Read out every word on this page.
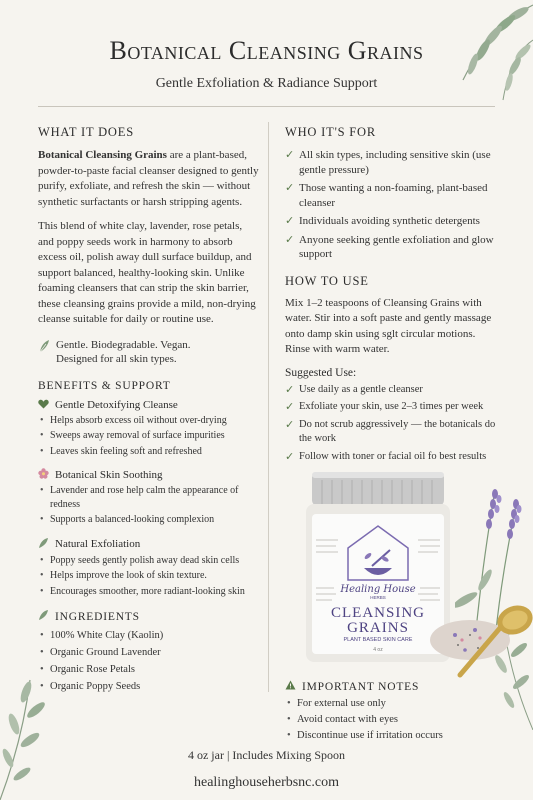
Botanical Cleansing Grains
Gentle Exfoliation & Radiance Support
WHAT IT DOES

Botanical Cleansing Grains are a plant-based, powder-to-paste facial cleanser designed to gently purify, exfoliate, and refresh the skin — without synthetic surfactants or harsh stripping agents.

This blend of white clay, lavender, rose petals, and poppy seeds work in harmony to absorb excess oil, polish away dull surface buildup, and support balanced, healthy-looking skin. Unlike foaming cleansers that can strip the skin barrier, these cleansing grains provide a mild, non-drying cleanse suitable for daily or routine use.

Gentle. Biodegradable. Vegan.
Designed for all skin types.
BENEFITS & SUPPORT
Gentle Detoxifying Cleanse
• Helps absorb excess oil without over-drying
• Sweeps away removal of surface impurities
• Leaves skin feeling soft and refreshed
Botanical Skin Soothing
• Lavender and rose help calm the appearance of redness
• Supports a balanced-looking complexion
Natural Exfoliation
• Poppy seeds gently polish away dead skin cells
• Helps improve the look of skin texture.
• Encourages smoother, more radiant-looking skin
INGREDIENTS
• 100% White Clay (Kaolin)
• Organic Ground Lavender
• Organic Rose Petals
• Organic Poppy Seeds
WHO IT'S FOR
✓ All skin types, including sensitive skin (use gentle pressure)
✓ Those wanting a non-foaming, plant-based cleanser
✓ Individuals avoiding synthetic detergents
✓ Anyone seeking gentle exfoliation and glow support
HOW TO USE

Mix 1–2 teaspoons of Cleansing Grains with water. Stir into a soft paste and gently massage onto damp skin using sglt circular motions. Rinse with warm water.

Suggested Use:
✓ Use daily as a gentle cleanser
✓ Exfoliate your skin, use 2–3 times per week
✓ Do not scrub aggressively — the botanicals do the work
✓ Follow with toner or facial oil fo best results
Healing House
HERBS
CLEANSING
GRAINS
PLANT BASED SKIN CARE
4 oz
IMPORTANT NOTES
• For external use only
• Avoid contact with eyes
• Discontinue use if irritation occurs
4 oz jar | Includes Mixing Spoon
healinghouseherbsnc.com
